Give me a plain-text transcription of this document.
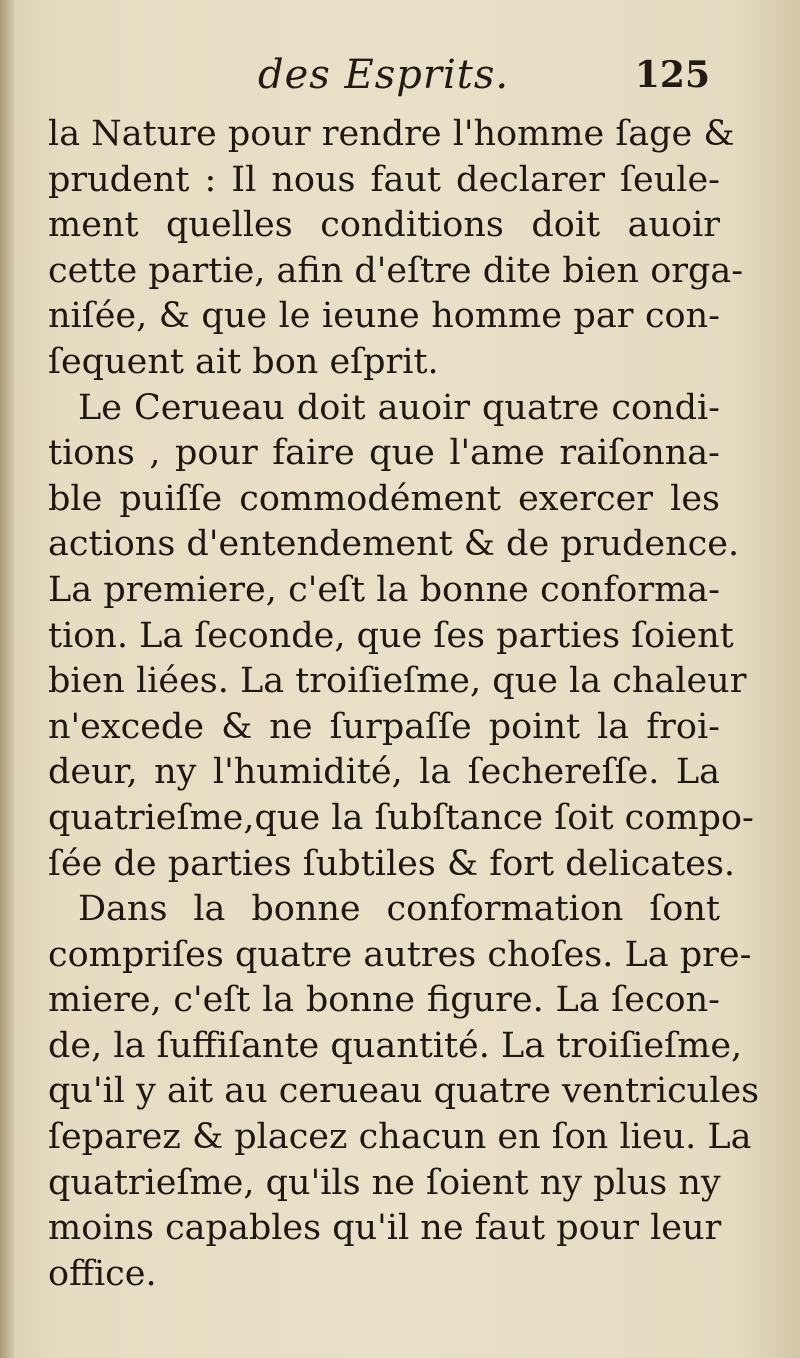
des Esprits.	125
la Nature pour rendre l'homme ſage &
prudent : Il nous faut declarer ſeule-
ment quelles conditions doit auoir
cette partie, afin d'eſtre dite bien orga-
niſée, & que le ieune homme par con-
ſequent ait bon eſprit.
Le Cerueau doit auoir quatre condi-
tions , pour faire que l'ame raiſonna-
ble puiſſe commodément exercer les
actions d'entendement & de prudence.
La premiere, c'eſt la bonne conforma-
tion. La ſeconde, que ſes parties ſoient
bien liées. La troiſieſme, que la chaleur
n'excede & ne ſurpaſſe point la froi-
deur, ny l'humidité, la ſechereſſe. La
quatrieſme,que la ſubſtance ſoit compo-
ſée de parties ſubtiles & fort delicates.
Dans la bonne conformation ſont
compriſes quatre autres choſes. La pre-
miere, c'eſt la bonne figure. La ſecon-
de, la ſuffiſante quantité. La troiſieſme,
qu'il y ait au cerueau quatre ventricules
ſeparez & placez chacun en ſon lieu. La
quatrieſme, qu'ils ne ſoient ny plus ny
moins capables qu'il ne faut pour leur
office.
